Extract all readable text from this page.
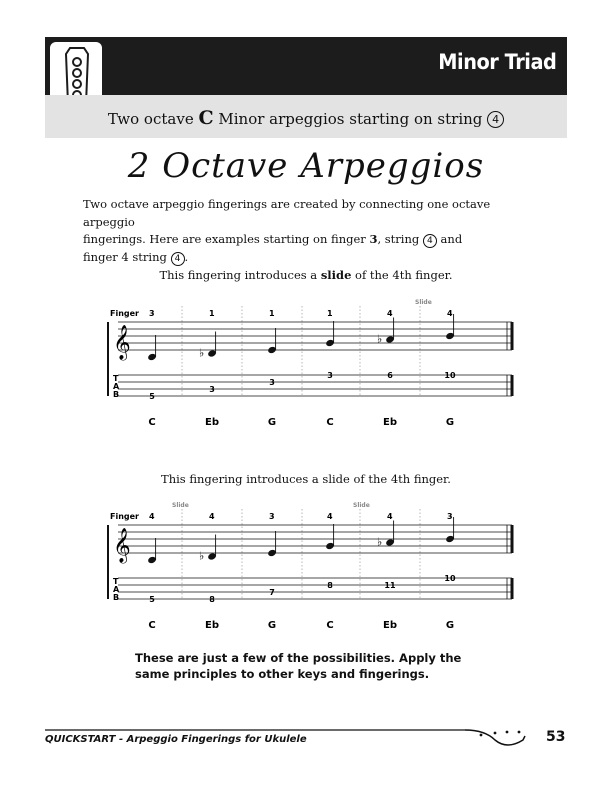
Minor Triad
Two octave C Minor arpeggios starting on string 4
2 Octave Arpeggios
Two octave arpeggio fingerings are created by connecting one octave arpeggio
fingerings. Here are examples starting on finger 3, string 4 and
finger 4 string 4 .
This fingering introduces a slide of the 4th finger.
Finger
Slide
𝄞
T
A
B
3
5
C
1
♭
3
Eb
1
3
G
1
3
C
4
♭
6
Eb
4
10
G
This fingering introduces a slide of the 4th finger.
Finger
Slide	Slide
𝄞
T
A
B
4
5
C
4
♭
8
Eb
3
7
G
4
8
C
4
♭
11
Eb
3
10
G
These are just a few of the possibilities. Apply the
same principles to other keys and fingerings.
QUICKSTART - Arpeggio Fingerings for Ukulele	53
